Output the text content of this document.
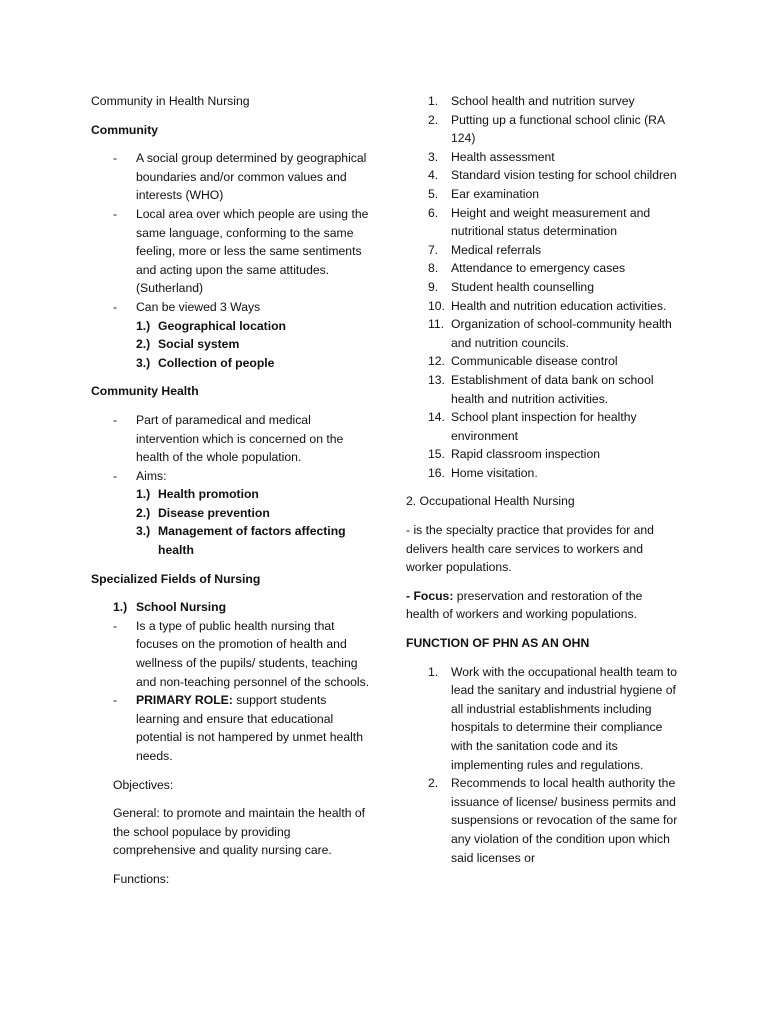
Community in Health Nursing

Community

- A social group determined by geographical boundaries and/or common values and interests (WHO)

- Local area over which people are using the same language, conforming to the same feeling, more or less the same sentiments and acting upon the same attitudes. (Sutherland)

- Can be viewed 3 Ways

1.) Geographical location

2.) Social system

3.) Collection of people

Community Health

- Part of paramedical and medical intervention which is concerned on the health of the whole population.

- Aims:

1.) Health promotion

2.) Disease prevention

3.) Management of factors affecting health

Specialized Fields of Nursing

1.) School Nursing

- Is a type of public health nursing that focuses on the promotion of health and wellness of the pupils/ students, teaching and non-teaching personnel of the schools.

- PRIMARY ROLE: support students learning and ensure that educational potential is not hampered by unmet health needs.

Objectives:

General: to promote and maintain the health of the school populace by providing comprehensive and quality nursing care.

Functions:

1.	School health and nutrition survey

2.	Putting up a functional school clinic (RA 124)

3.	Health assessment

4.	Standard vision testing for school children

5.	Ear examination

6.	Height and weight measurement and nutritional status determination

7.	Medical referrals

8.	Attendance to emergency cases

9.	Student health counselling

10. Health and nutrition education activities.

11. Organization of school-community health and nutrition councils.

12. Communicable disease control

13. Establishment of data bank on school health and nutrition activities.

14. School plant inspection for healthy environment

15. Rapid classroom inspection

16. Home visitation.

2. Occupational Health Nursing

- is the specialty practice that provides for and delivers health care services to workers and worker populations.

- Focus: preservation and restoration of the health of workers and working populations.

FUNCTION OF PHN AS AN OHN

1.	Work with the occupational health team to lead the sanitary and industrial hygiene of all industrial establishments including hospitals to determine their compliance with the sanitation code and its implementing rules and regulations.

2.	Recommends to local health authority the issuance of license/ business permits and suspensions or revocation of the same for any violation of the condition upon which said licenses or
